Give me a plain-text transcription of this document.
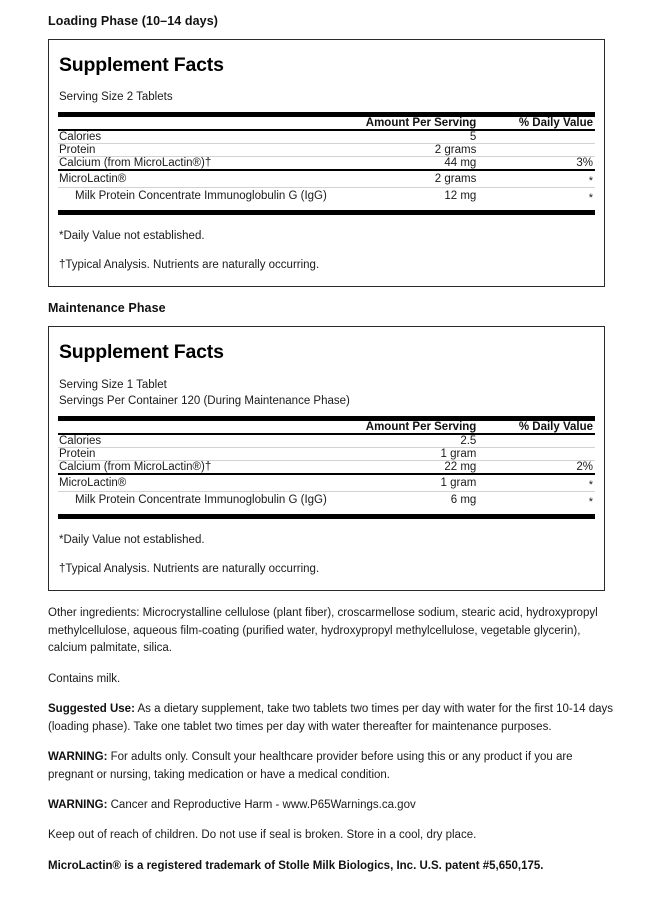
Loading Phase (10–14 days)
Supplement Facts
Serving Size 2 Tablets
	Amount Per Serving	% Daily Value
Calories	5	

Protein	2 grams	

Calcium (from MicroLactin®)†	44 mg	3%

MicroLactin®	2 grams	*

Milk Protein Concentrate Immunoglobulin G (IgG)	12 mg	*
*Daily Value not established.
†Typical Analysis. Nutrients are naturally occurring.
Maintenance Phase
Supplement Facts
Serving Size 1 Tablet
Servings Per Container 120 (During Maintenance Phase)
	Amount Per Serving	% Daily Value
Calories	2.5	

Protein	1 gram	

Calcium (from MicroLactin®)†	22 mg	2%

MicroLactin®	1 gram	*

Milk Protein Concentrate Immunoglobulin G (IgG)	6 mg	*
*Daily Value not established.
†Typical Analysis. Nutrients are naturally occurring.
Other ingredients: Microcrystalline cellulose (plant fiber), croscarmellose sodium, stearic acid, hydroxypropyl methylcellulose, aqueous film-coating (purified water, hydroxypropyl methylcellulose, vegetable glycerin), calcium palmitate, silica.
Contains milk.
Suggested Use: As a dietary supplement, take two tablets two times per day with water for the first 10-14 days (loading phase). Take one tablet two times per day with water thereafter for maintenance purposes.
WARNING: For adults only. Consult your healthcare provider before using this or any product if you are pregnant or nursing, taking medication or have a medical condition.
WARNING: Cancer and Reproductive Harm - www.P65Warnings.ca.gov
Keep out of reach of children. Do not use if seal is broken. Store in a cool, dry place.
MicroLactin® is a registered trademark of Stolle Milk Biologics, Inc. U.S. patent #5,650,175.
